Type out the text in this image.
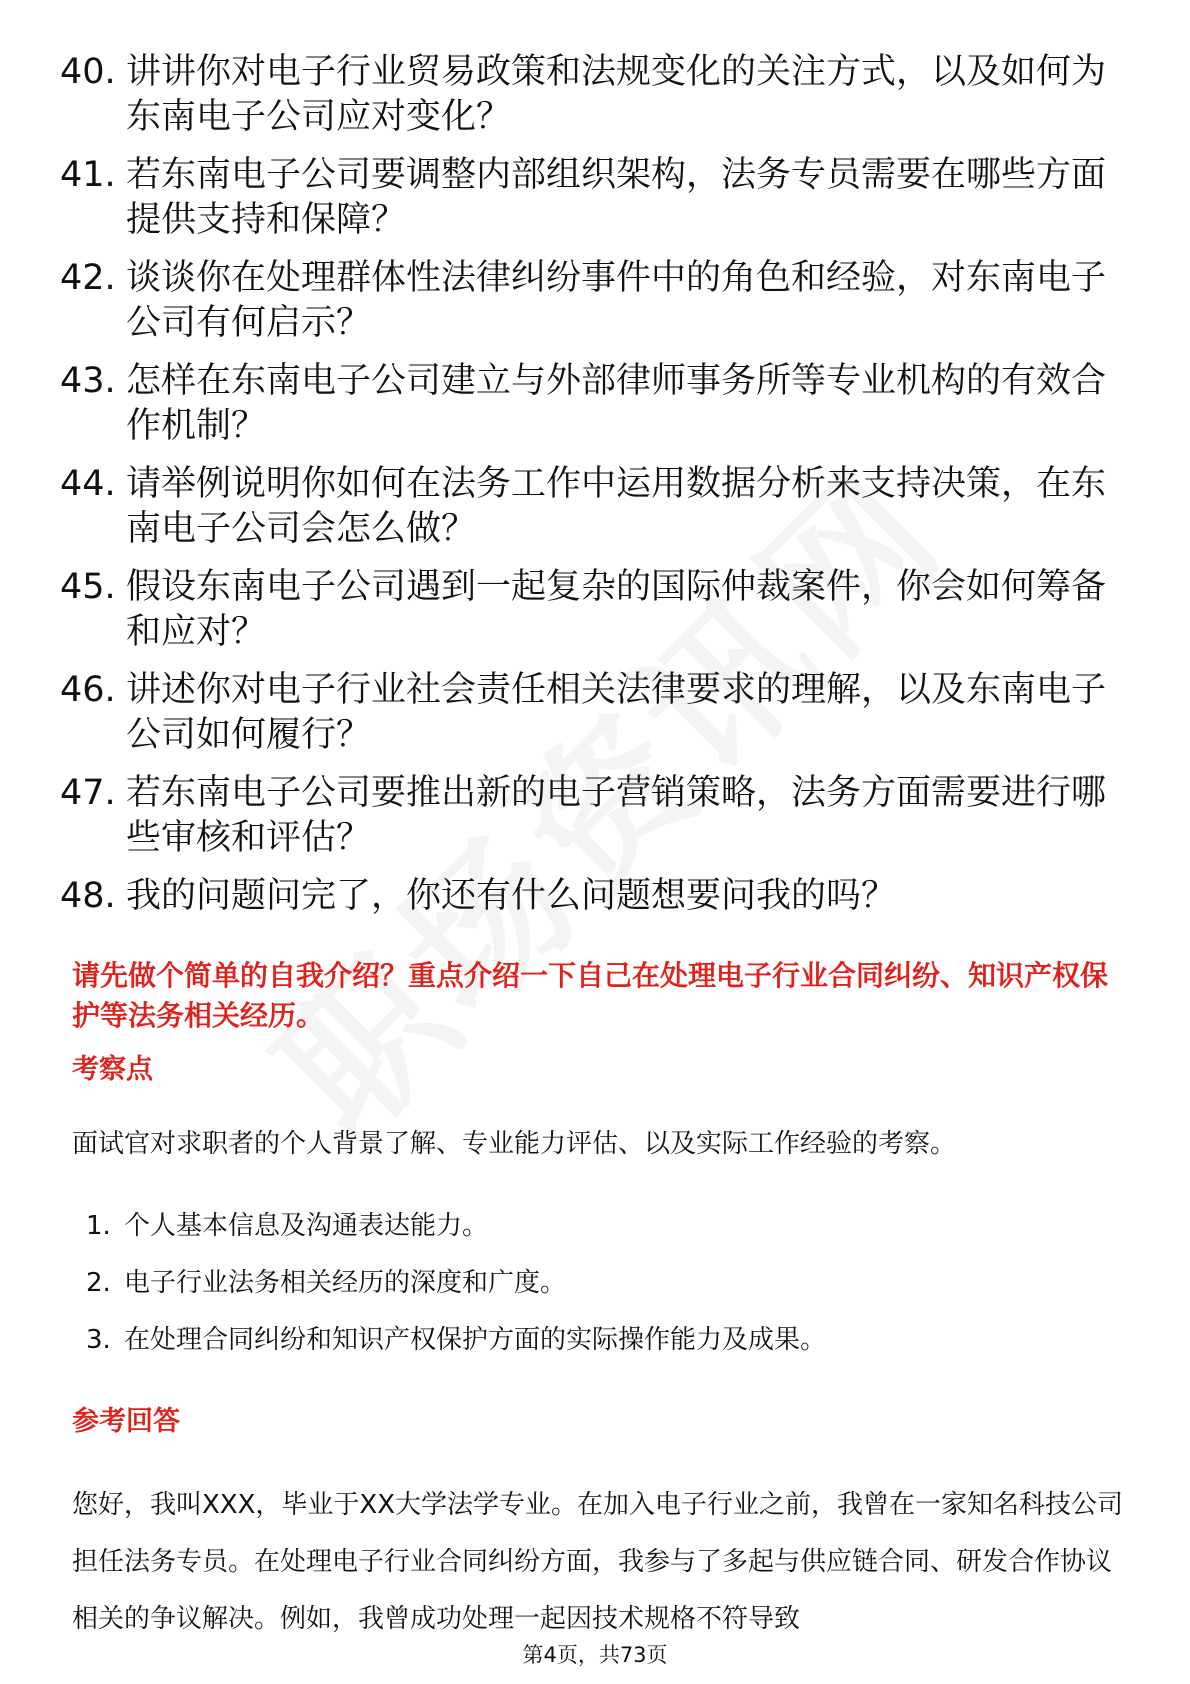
40. 讲讲你对电子行业贸易政策和法规变化的关注方式，以及如何为东南电子公司应对变化？
41. 若东南电子公司要调整内部组织架构，法务专员需要在哪些方面提供支持和保障？
42. 谈谈你在处理群体性法律纠纷事件中的角色和经验，对东南电子公司有何启示？
43. 怎样在东南电子公司建立与外部律师事务所等专业机构的有效合作机制？
44. 请举例说明你如何在法务工作中运用数据分析来支持决策，在东南电子公司会怎么做？
45. 假设东南电子公司遇到一起复杂的国际仲裁案件，你会如何筹备和应对？
46. 讲述你对电子行业社会责任相关法律要求的理解，以及东南电子公司如何履行？
47. 若东南电子公司要推出新的电子营销策略，法务方面需要进行哪些审核和评估？
48. 我的问题问完了，你还有什么问题想要问我的吗？
请先做个简单的自我介绍？重点介绍一下自己在处理电子行业合同纠纷、知识产权保护等法务相关经历。
考察点

面试官对求职者的个人背景了解、专业能力评估、以及实际工作经验的考察。

1. 个人基本信息及沟通表达能力。
2. 电子行业法务相关经历的深度和广度。
3. 在处理合同纠纷和知识产权保护方面的实际操作能力及成果。
参考回答

您好，我叫XXX，毕业于XX大学法学专业。在加入电子行业之前，我曾在一家知名科技公司担任法务专员。在处理电子行业合同纠纷方面，我参与了多起与供应链合同、研发合作协议相关的争议解决。例如，我曾成功处理一起因技术规格不符导致

第4页，共73页
